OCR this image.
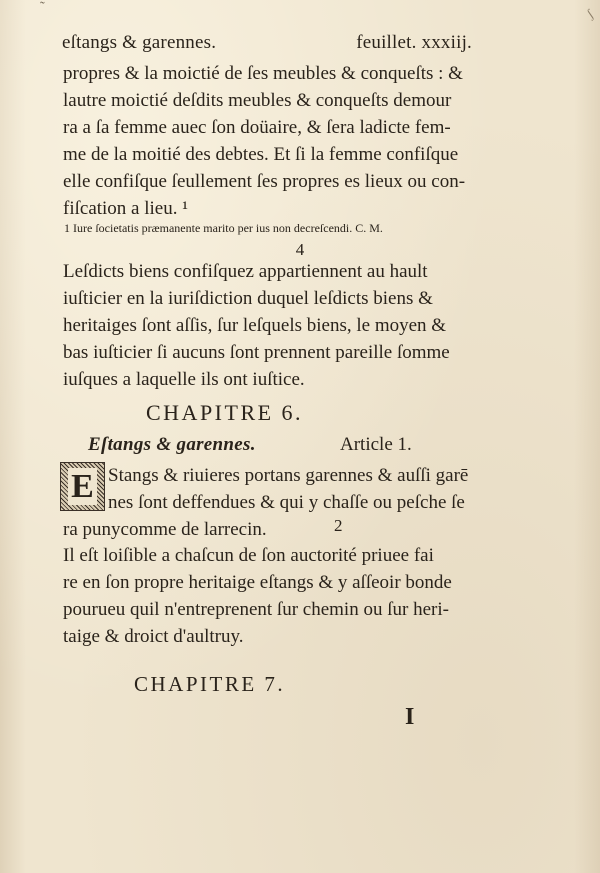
˜	ʃ
eſtangs & garennes.	feuillet. xxxiij.
propres & la moictié de ſes meubles & conqueſts : &
lautre moictié deſdits meubles & conqueſts demour
ra a ſa femme auec ſon doüaire, & ſera ladicte fem-
me de la moitié des debtes. Et ſi la femme confiſque
elle confiſque ſeullement ſes propres es lieux ou con-
fiſcation a lieu. ¹
1 Iure ſocietatis præmanente marito per ius non decreſcendi. C. M.
4
Leſdicts biens confiſquez appartiennent au hault
iuſticier en la iuriſdiction duquel leſdicts biens &
heritaiges ſont aſſis, ſur leſquels biens, le moyen &
bas iuſticier ſi aucuns ſont prennent pareille ſomme
iuſques a laquelle ils ont iuſtice.
CHAPITRE 6.
Eſtangs & garennes.	Article 1.
E Stangs & riuieres portans garennes & auſſi garē
nes ſont deffendues & qui y chaſſe ou peſche ſe
ra punycomme de larrecin.	2
Il eſt loiſible a chaſcun de ſon auctorité priuee fai
re en ſon propre heritaige eſtangs & y aſſeoir bonde
pourueu quil n'entreprenent ſur chemin ou ſur heri-
taige & droict d'aultruy.
CHAPITRE 7.
I
